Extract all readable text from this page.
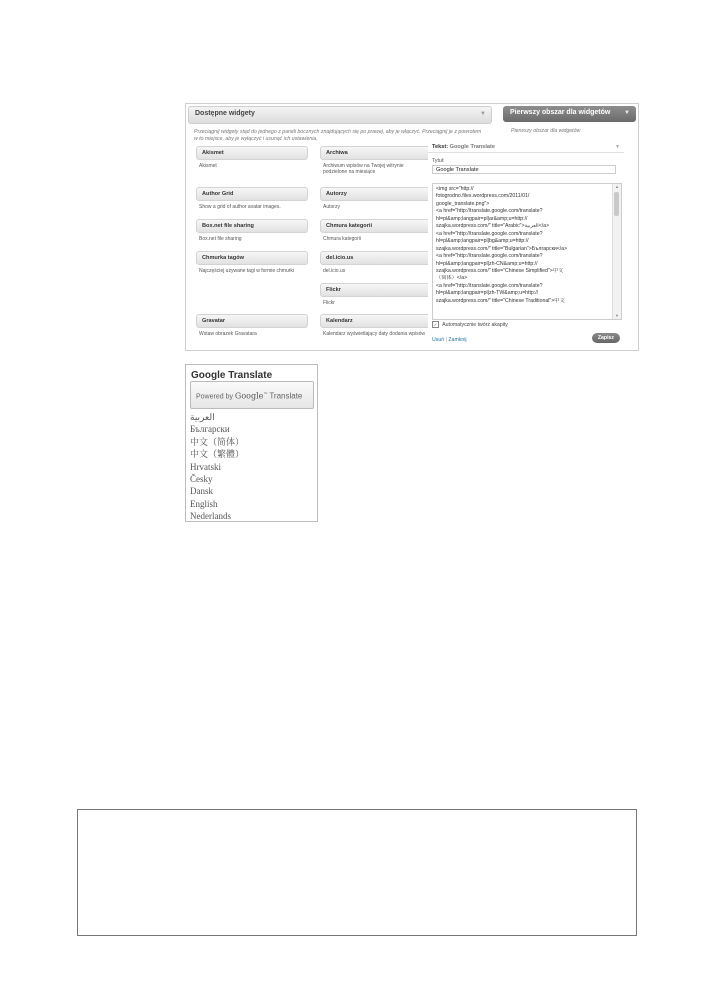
Dostępne widgety	▼
Przeciągnij widgety stąd do jednego z paneli bocznych znajdujących się po prawej, aby je włączyć. Przeciągnij je z powrotem w to miejsce, aby je wyłączyć i usunąć ich ustawienia.
Akismet
Akismet
Author Grid
Show a grid of author avatar images.
Box.net file sharing
Box.net file sharing
Chmurka tagów
Najczęściej używane tagi w formie chmurki
Gravatar
Wstaw obrazek Gravatara
Archiwa
Archiwum wpisów na Twojej witrynie podzielone na miesiące
Autorzy
Autorzy
Chmura kategorii
Chmura kategorii
del.icio.us
del.icio.us
Flickr
Flickr
Kalendarz
Kalendarz wyświetlający daty dodania wpisów
Pierwszy obszar dla widgetów ▼
Pierwszy obszar dla widgetów
Tekst: Google Translate	▼
Tytuł:
Google Translate
<img src="http://
fotogrodno.files.wordpress.com/2011/01/
google_translate.png">
<a href="http://translate.google.com/translate?
hl=pl&amp;langpair=pl|ar&amp;u=http://
szajka.wordpress.com/" title="Arabic">العربية</a>
<a href="http://translate.google.com/translate?
hl=pl&amp;langpair=pl|bg&amp;u=http://
szajka.wordpress.com/" title="Bulgarian">Български</a>
<a href="http://translate.google.com/translate?
hl=pl&amp;langpair=pl|zh-CN&amp;u=http://
szajka.wordpress.com/" title="Chinese Simplified">中文
（简体）</a>
<a href="http://translate.google.com/translate?
hl=pl&amp;langpair=pl|zh-TW&amp;u=http://
szajka.wordpress.com/" title="Chinese Traditional">中文
▲
▼
✓ Automatycznie twórz akapity
Usuń | Zamknij	Zapisz
Google Translate
Powered by Google™ Translate
العربية
Български
中文（简体）
中文（繁體）
Hrvatski
Česky
Dansk
English
Nederlands
